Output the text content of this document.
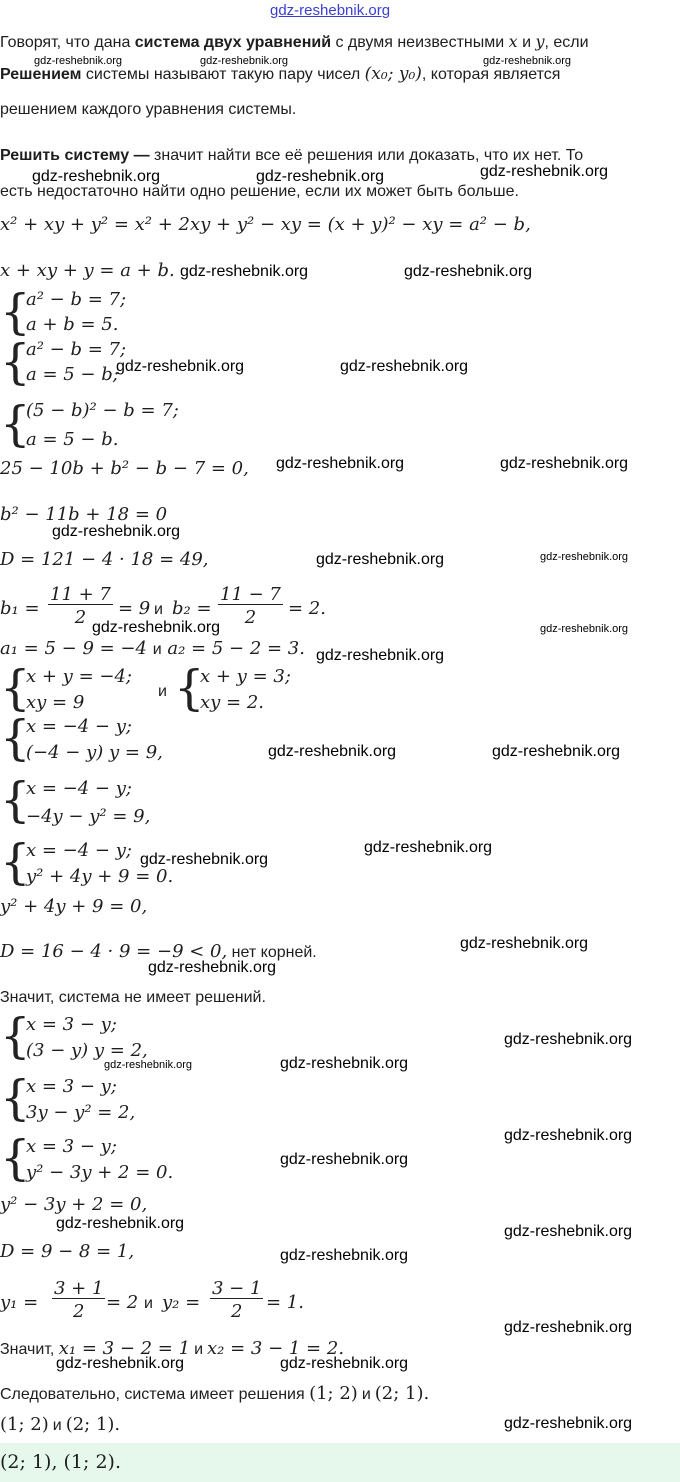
gdz-reshebnik.org
Говорят, что дана система двух уравнений с двумя неизвестными x и y, если
gdz-reshebnik.org	gdz-reshebnik.org	gdz-reshebnik.org
Решением системы называют такую пару чисел (x₀; y₀), которая является
решением каждого уравнения системы.
Решить систему — значит найти все её решения или доказать, что их нет. То
gdz-reshebnik.org	gdz-reshebnik.org	gdz-reshebnik.org
есть недостаточно найти одно решение, если их может быть больше.
x² + xy + y² = x² + 2xy + y² − xy = (x + y)² − xy = a² − b,
x + xy + y = a + b. gdz-reshebnik.org	gdz-reshebnik.org
{
a² − b = 7;
a + b = 5.
{
a² − b = 7;
a = 5 − b;
gdz-reshebnik.org	gdz-reshebnik.org
{
(5 − b)² − b = 7;
a = 5 − b.
25 − 10b + b² − b − 7 = 0, gdz-reshebnik.org	gdz-reshebnik.org
b² − 11b + 18 = 0
gdz-reshebnik.org
D = 121 − 4 · 18 = 49,	gdz-reshebnik.org	gdz-reshebnik.org
$b_1 = \frac{11 + 7}{2} = 9$ и $b_2 = \frac{11 - 7}{2} = 2$.
gdz-reshebnik.org	gdz-reshebnik.org
a₁ = 5 − 9 = −4 и a₂ = 5 − 2 = 3. gdz-reshebnik.org
{
x + y = −4;
xy = 9
и {
x + y = 3;
xy = 2.
{
x = −4 − y;
(−4 − y) y = 9,	gdz-reshebnik.org	gdz-reshebnik.org
{
x = −4 − y;
−4y − y² = 9,
{
x = −4 − y;
y² + 4y + 9 = 0.
gdz-reshebnik.org
gdz-reshebnik.org
y² + 4y + 9 = 0,
D = 16 − 4 · 9 = −9 < 0, нет корней.
gdz-reshebnik.org
gdz-reshebnik.org
Значит, система не имеет решений.
{
x = 3 − y;
(3 − y) y = 2,
gdz-reshebnik.org
gdz-reshebnik.org	gdz-reshebnik.org
{
x = 3 − y;
3y − y² = 2,
{
x = 3 − y;
y² − 3y + 2 = 0.
gdz-reshebnik.org
gdz-reshebnik.org
y² − 3y + 2 = 0,
gdz-reshebnik.org	gdz-reshebnik.org
D = 9 − 8 = 1,	gdz-reshebnik.org
$y_1 = \frac{3 + 1}{2} = 2$ и $y_2 = \frac{3 - 1}{2} = 1$.
gdz-reshebnik.org
Значит, x₁ = 3 − 2 = 1 и x₂ = 3 − 1 = 2.
gdz-reshebnik.org	gdz-reshebnik.org
Следовательно, система имеет решения (1; 2) и (2; 1).
(1; 2) и (2; 1).	gdz-reshebnik.org
(2; 1), (1; 2).
